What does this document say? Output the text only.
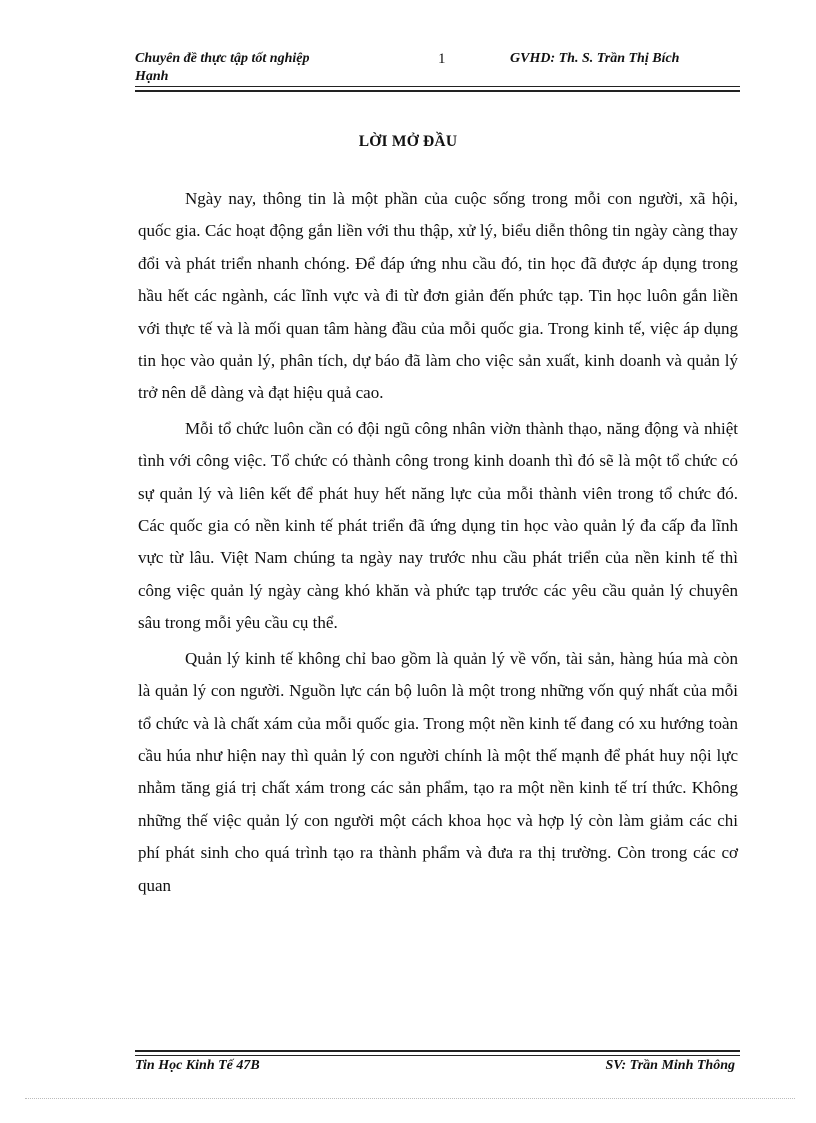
Chuyên đề thực tập tốt nghiệp	1	GVHD: Th. S. Trần Thị Bích
Hạnh
LỜI MỞ ĐẦU

Ngày nay, thông tin là một phần của cuộc sống trong mỗi con người, xã hội, quốc gia. Các hoạt động gắn liền với thu thập, xử lý, biểu diễn thông tin ngày càng thay đổi và phát triển nhanh chóng. Để đáp ứng nhu cầu đó, tin học đã được áp dụng trong hầu hết các ngành, các lĩnh vực và đi từ đơn giản đến phức tạp. Tin học luôn gắn liền với thực tế và là mối quan tâm hàng đầu của mỗi quốc gia. Trong kinh tế, việc áp dụng tin học vào quản lý, phân tích, dự báo đã làm cho việc sản xuất, kinh doanh và quản lý trở nên dễ dàng và đạt hiệu quả cao.

Mỗi tổ chức luôn cần có đội ngũ công nhân viờn thành thạo, năng động và nhiệt tình với công việc. Tổ chức có thành công trong kinh doanh thì đó sẽ là một tổ chức có sự quản lý và liên kết để phát huy hết năng lực của mỗi thành viên trong tổ chức đó. Các quốc gia có nền kinh tế phát triển đã ứng dụng tin học vào quản lý đa cấp đa lĩnh vực từ lâu. Việt Nam chúng ta ngày nay trước nhu cầu phát triển của nền kinh tế thì công việc quản lý ngày càng khó khăn và phức tạp trước các yêu cầu quản lý chuyên sâu trong mỗi yêu cầu cụ thể.

Quản lý kinh tế không chỉ bao gồm là quản lý về vốn, tài sản, hàng húa mà còn là quản lý con người. Nguồn lực cán bộ luôn là một trong những vốn quý nhất của mỗi tổ chức và là chất xám của mỗi quốc gia. Trong một nền kinh tế đang có xu hướng toàn cầu húa như hiện nay thì quản lý con người chính là một thế mạnh để phát huy nội lực nhằm tăng giá trị chất xám trong các sản phẩm, tạo ra một nền kinh tế trí thức. Không những thế việc quản lý con người một cách khoa học và hợp lý còn làm giảm các chi phí phát sinh cho quá trình tạo ra thành phẩm và đưa ra thị trường. Còn trong các cơ quan

Tin Học Kinh Tế 47B	SV: Trần Minh Thông
